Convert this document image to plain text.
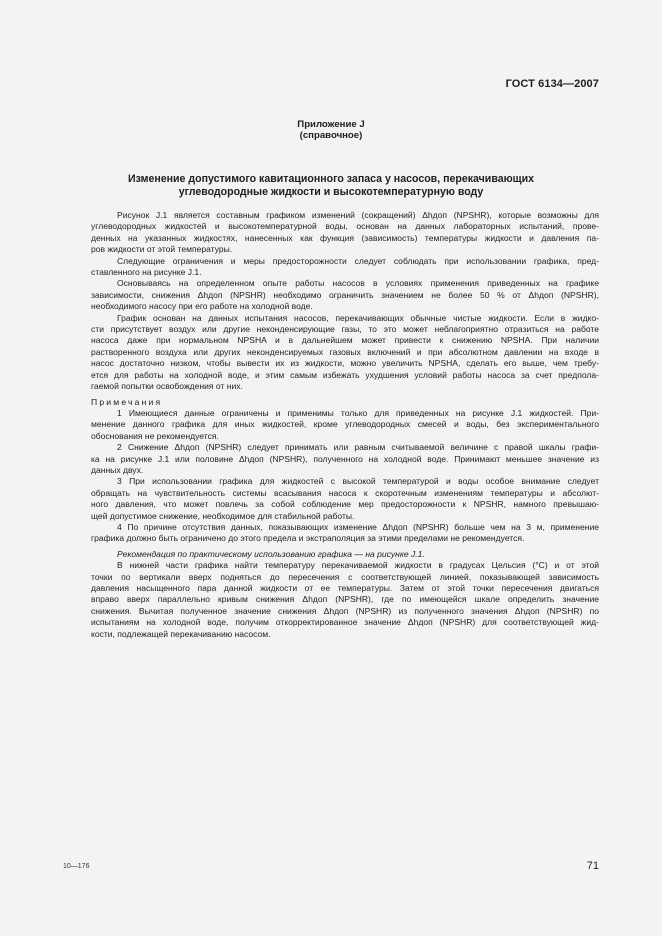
ГОСТ 6134—2007
Приложение J
(справочное)
Изменение допустимого кавитационного запаса у насосов, перекачивающих
углеводородные жидкости и высокотемпературную воду
Рисунок J.1 является составным графиком изменений (сокращений) Δhдоп (NPSHR), которые возможны для
углеводородных жидкостей и высокотемпературной воды, основан на данных лабораторных испытаний, прове-
денных на указанных жидкостях, нанесенных как функция (зависимость) температуры жидкости и давления па-
ров жидкости от этой температуры.
Следующие ограничения и меры предосторожности следует соблюдать при использовании графика, пред-
ставленного на рисунке J.1.
Основываясь на определенном опыте работы насосов в условиях применения приведенных на графике
зависимости, снижения Δhдоп (NPSHR) необходимо ограничить значением не более 50 % от Δhдоп (NPSHR),
необходимого насосу при его работе на холодной воде.
График основан на данных испытания насосов, перекачивающих обычные чистые жидкости. Если в жидко-
сти присутствует воздух или другие неконденсирующие газы, то это может неблагоприятно отразиться на работе
насоса даже при нормальном NPSHA и в дальнейшем может привести к снижению NPSHA. При наличии
растворенного воздуха или других неконденсируемых газовых включений и при абсолютном давлении на входе в
насос достаточно низком, чтобы вывести их из жидкости, можно увеличить NPSHA, сделать его выше, чем требу-
ется для работы на холодной воде, и этим самым избежать ухудшения условий работы насоса за счет предполa-
гаемой попытки освобождения от них.
Примечания
1 Имеющиеся данные ограничены и применимы только для приведенных на рисунке J.1 жидкостей. При-
менение данного графика для иных жидкостей, кроме углеводородных смесей и воды, без экспериментального
обоснования не рекомендуется.
2 Снижение Δhдоп (NPSHR) следует принимать или равным считываемой величине с правой шкалы графи-
ка на рисунке J.1 или половине Δhдоп (NPSHR), полученного на холодной воде. Принимают меньшее значение из
данных двух.
3 При использовании графика для жидкостей с высокой температурой и воды особое внимание следует
обращать на чувствительность системы всасывания насоса к скоротечным изменениям температуры и абсолют-
ного давления, что может повлечь за собой соблюдение мер предосторожности к NPSHR, намного превышаю-
щей допустимое снижение, необходимое для стабильной работы.
4 По причине отсутствия данных, показывающих изменение Δhдоп (NPSHR) больше чем на 3 м, применение
графика должно быть ограничено до этого предела и экстраполяция за этими пределами не рекомендуется.
Рекомендация по практическому использованию графика — на рисунке J.1.
В нижней части графика найти температуру перекачиваемой жидкости в градусах Цельсия (°С) и от этой
точки по вертикали вверх подняться до пересечения с соответствующей линией, показывающей зависимость
давления насыщенного пара данной жидкости от ее температуры. Затем от этой точки пересечения двигаться
вправо вверх параллельно кривым снижения Δhдоп (NPSHR), где по имеющейся шкале определить значение
снижения. Вычитая полученное значение снижения Δhдоп (NPSHR) из полученного значения Δhдоп (NPSHR) по
испытаниям на холодной воде, получим откорректированное значение Δhдоп (NPSHR) для соответствующей жид-
кости, подлежащей перекачиванию насосом.
10—176	71
